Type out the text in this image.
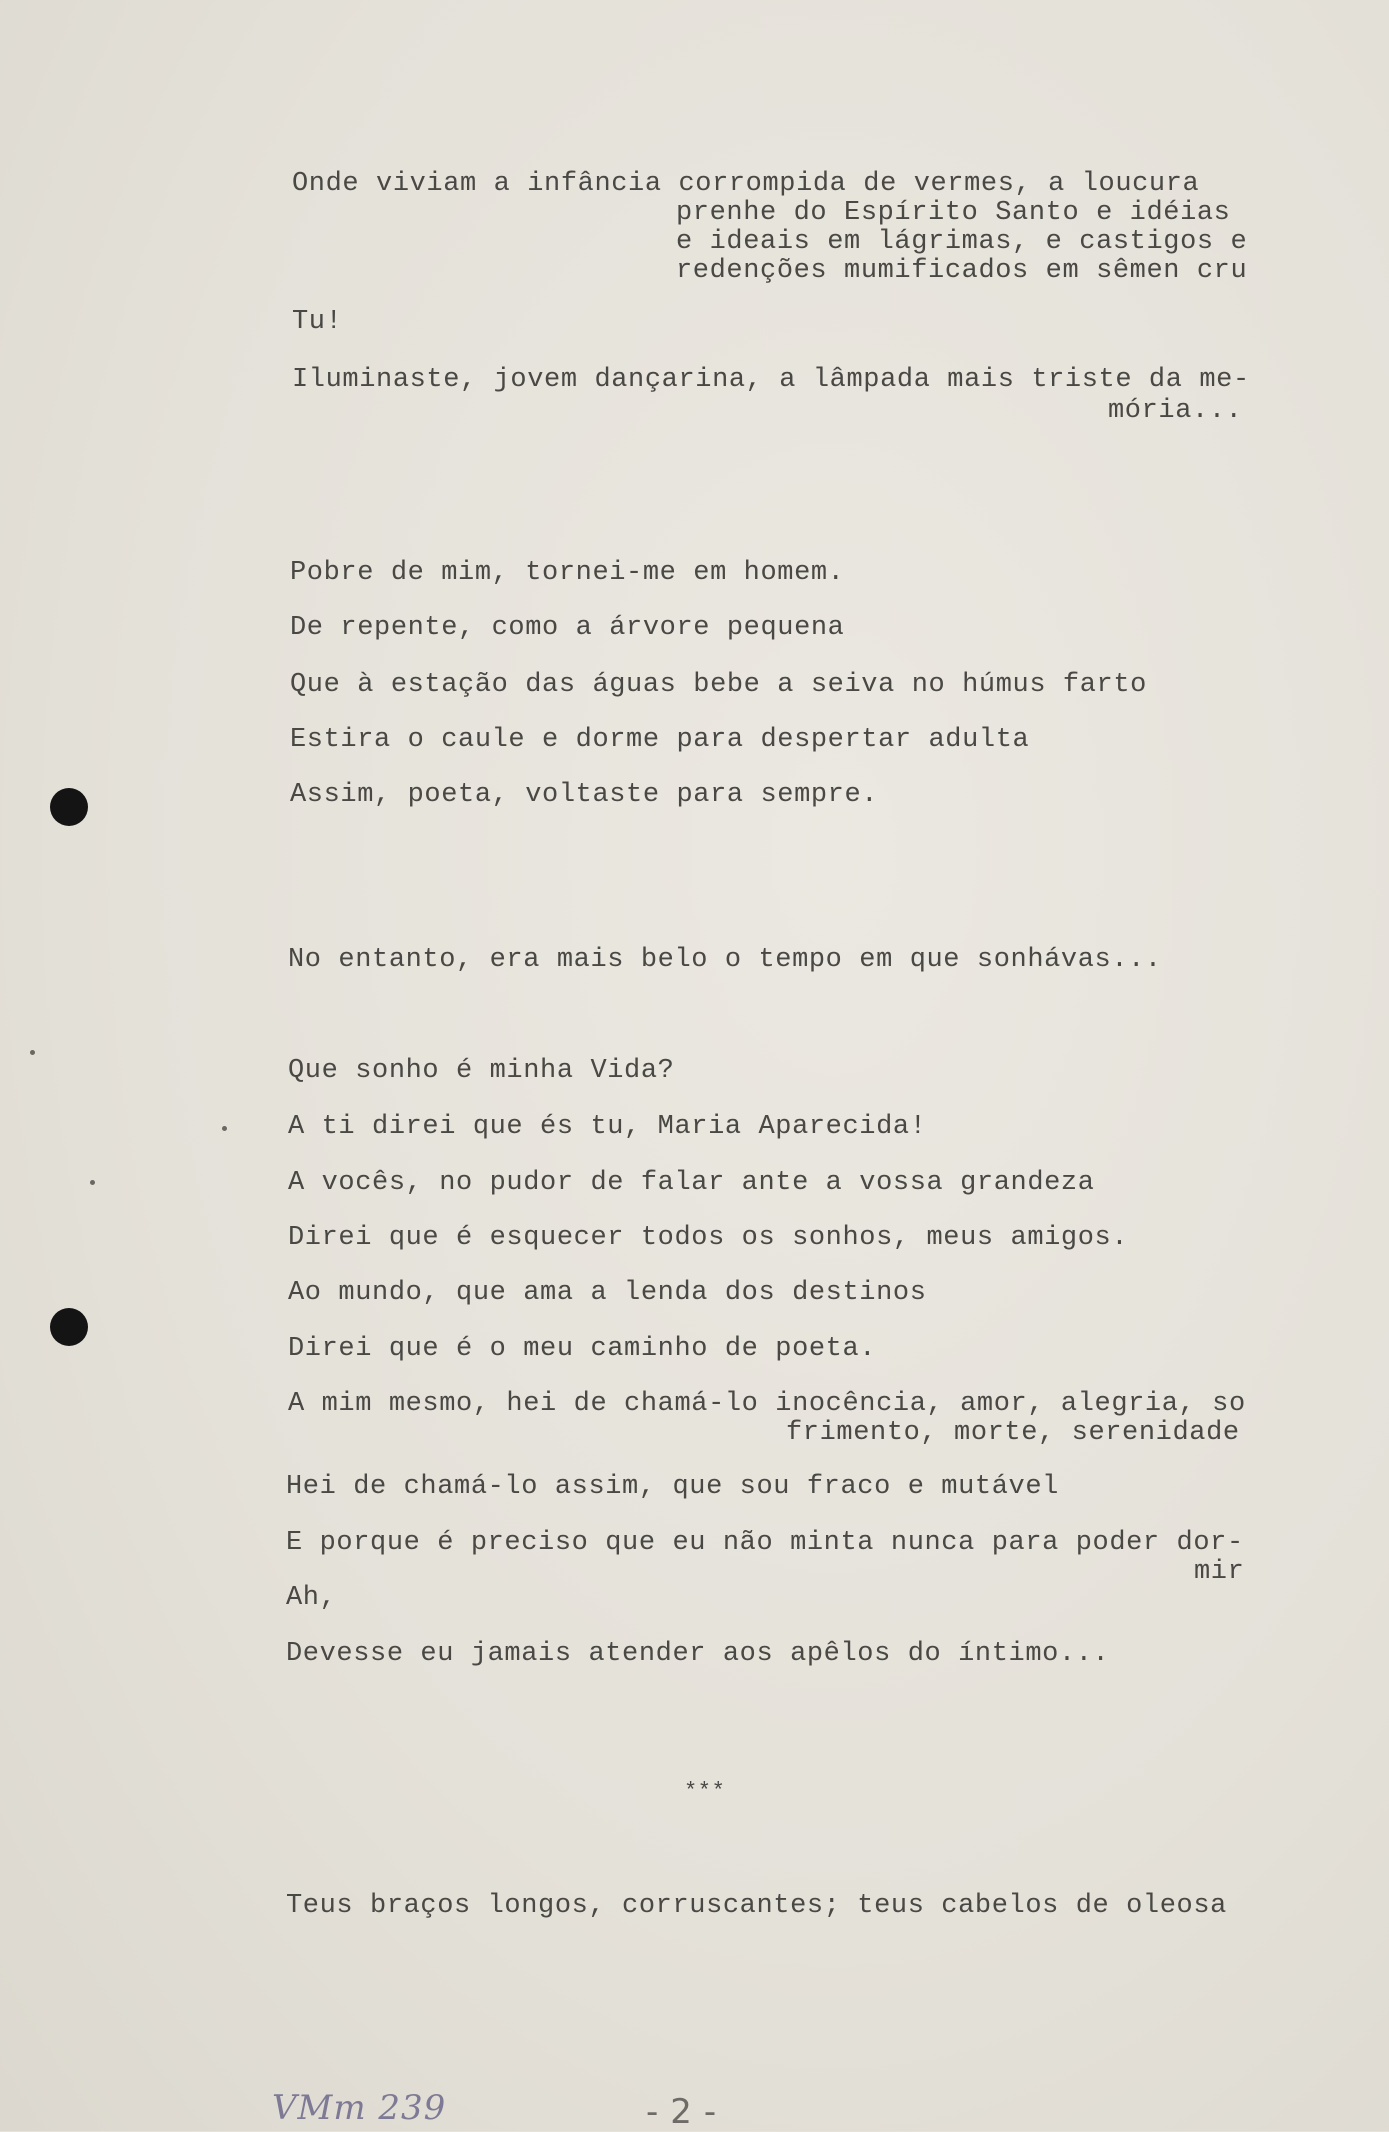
Onde viviam a infância corrompida de vermes, a loucura
prenhe do Espírito Santo e idéias
e ideais em lágrimas, e castigos e
redenções mumificados em sêmen cru
Tu!
Iluminaste, jovem dançarina, a lâmpada mais triste da me-
mória...
Pobre de mim, tornei-me em homem.
De repente, como a árvore pequena
Que à estação das águas bebe a seiva no húmus farto
Estira o caule e dorme para despertar adulta
Assim, poeta, voltaste para sempre.
No entanto, era mais belo o tempo em que sonhávas...
Que sonho é minha Vida?
A ti direi que és tu, Maria Aparecida!
A vocês, no pudor de falar ante a vossa grandeza
Direi que é esquecer todos os sonhos, meus amigos.
Ao mundo, que ama a lenda dos destinos
Direi que é o meu caminho de poeta.
A mim mesmo, hei de chamá-lo inocência, amor, alegria, so
frimento, morte, serenidade
Hei de chamá-lo assim, que sou fraco e mutável
E porque é preciso que eu não minta nunca para poder dor-
mir
Ah,
Devesse eu jamais atender aos apêlos do íntimo...
***
Teus braços longos, corruscantes; teus cabelos de oleosa
VMm 239	- 2 -
